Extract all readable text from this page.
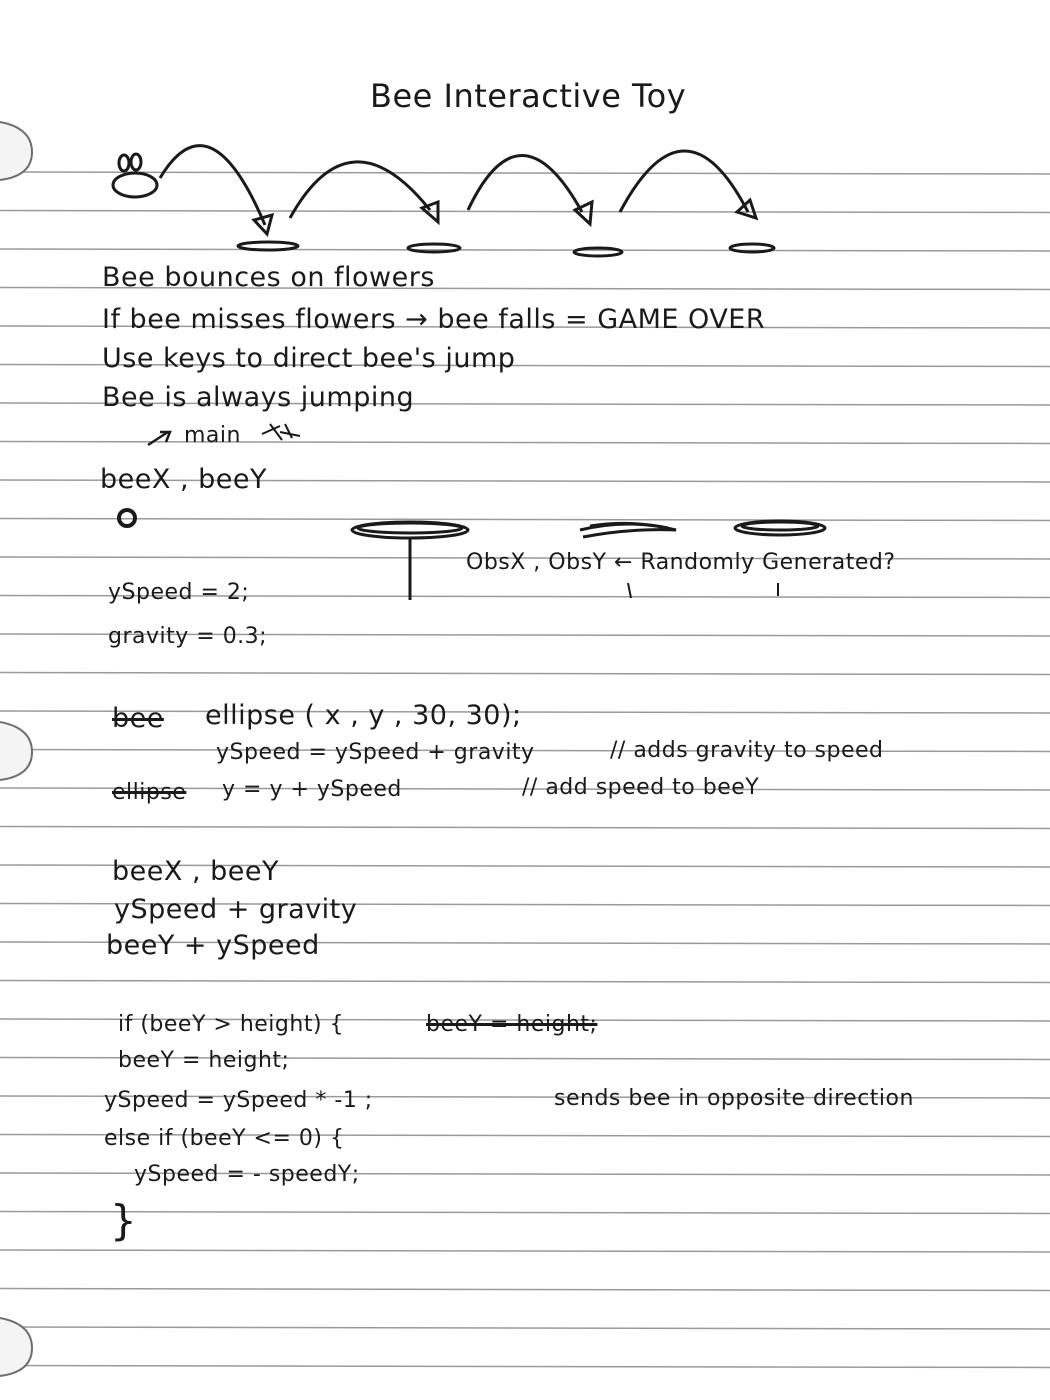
Bee Interactive Toy
Bee bounces on flowers
If bee misses flowers → bee falls = GAME OVER
Use keys to direct bee's jump
Bee is always jumping
main
beeX , beeY
ObsX , ObsY ← Randomly Generated?
ySpeed = 2;
gravity = 0.3;
bee ellipse ( x , y , 30, 30);
ySpeed = ySpeed + gravity	// adds gravity to speed
ellipse y = y + ySpeed	// add speed to beeY
beeX , beeY
ySpeed + gravity
beeY + ySpeed
if (beeY > height) {	beeY = height;
beeY = height;
ySpeed = ySpeed * -1 ;	sends bee in opposite direction
else if (beeY <= 0) {
ySpeed = - speedY;
}
